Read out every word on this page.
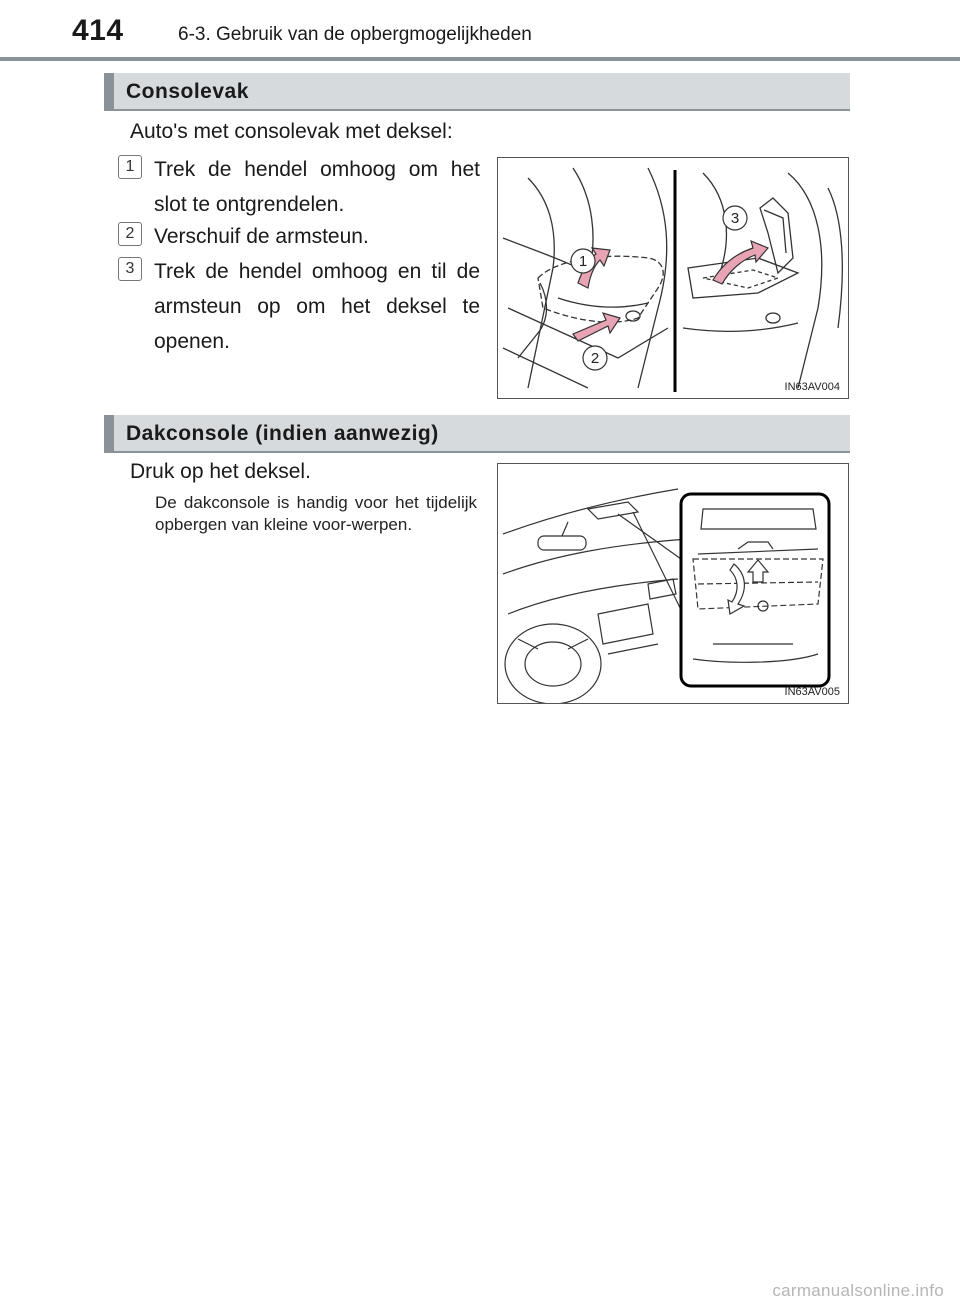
414	6-3. Gebruik van de opbergmogelijkheden
Consolevak
Auto's met consolevak met deksel:
1 Trek de hendel omhoog om het slot te ontgrendelen.
2 Verschuif de armsteun.
3 Trek de hendel omhoog en til de armsteun op om het deksel te openen.
1
2
3
IN63AV004
Dakconsole (indien aanwezig)
Druk op het deksel.
De dakconsole is handig voor het tijdelijk opbergen van kleine voor-werpen.
IN63AV005
carmanualsonline.info
